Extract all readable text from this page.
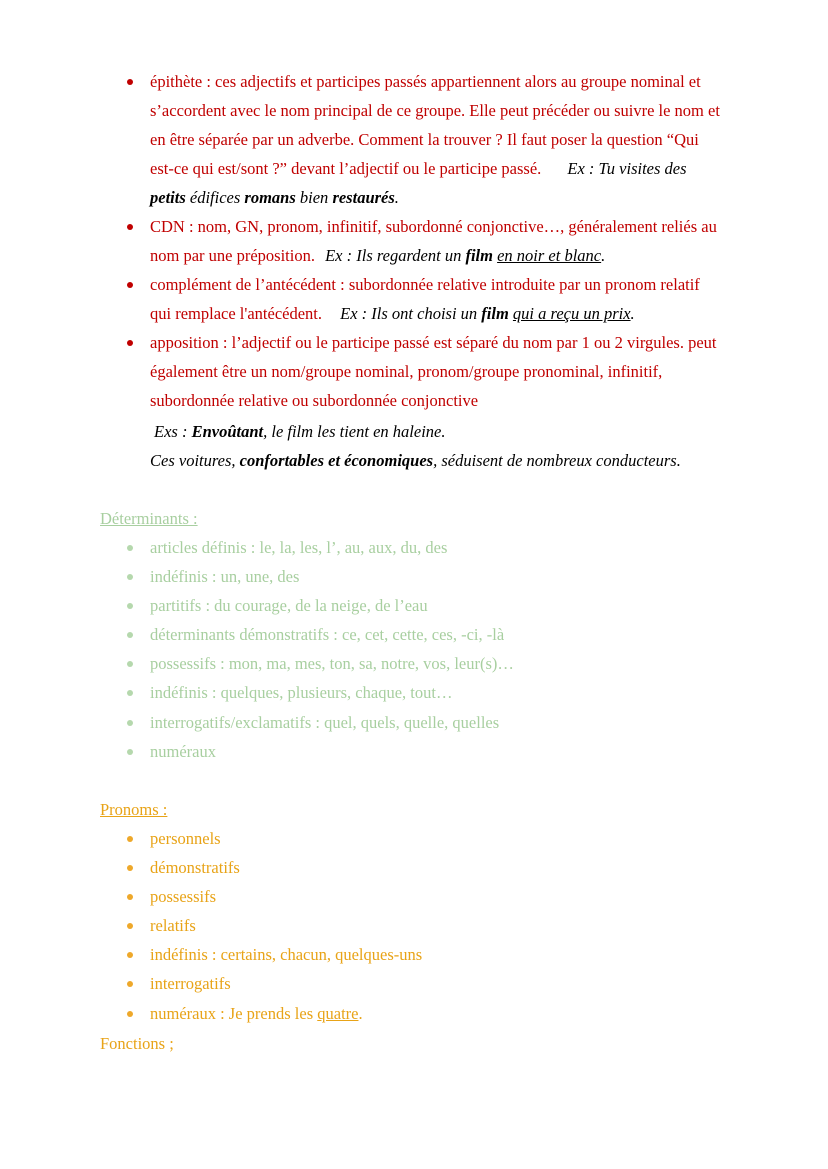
épithète : ces adjectifs et participes passés appartiennent alors au groupe nominal et s’accordent avec le nom principal de ce groupe. Elle peut précéder ou suivre le nom et en être séparée par un adverbe. Comment la trouver ? Il faut poser la question “Qui est-ce qui est/sont ?” devant l’adjectif ou le participe passé. Ex : Tu visites des petits édifices romans bien restaurés.
CDN : nom, GN, pronom, infinitif, subordonné conjonctive…, généralement reliés au nom par une préposition. Ex : Ils regardent un film en noir et blanc.
complément de l’antécédent : subordonnée relative introduite par un pronom relatif qui remplace l'antécédent. Ex : Ils ont choisi un film qui a reçu un prix.
apposition : l’adjectif ou le participe passé est séparé du nom par 1 ou 2 virgules. peut également être un nom/groupe nominal, pronom/groupe pronominal, infinitif, subordonnée relative ou subordonnée conjonctive
Exs : Envoûtant, le film les tient en haleine.
Ces voitures, confortables et économiques, séduisent de nombreux conducteurs.
Déterminants :
articles définis : le, la, les, l’, au, aux, du, des
indéfinis : un, une, des
partitifs : du courage, de la neige, de l’eau
déterminants démonstratifs : ce, cet, cette, ces, -ci, -là
possessifs : mon, ma, mes, ton, sa, notre, vos, leur(s)…
indéfinis : quelques, plusieurs, chaque, tout…
interrogatifs/exclamatifs : quel, quels, quelle, quelles
numéraux
Pronoms :
personnels
démonstratifs
possessifs
relatifs
indéfinis : certains, chacun, quelques-uns
interrogatifs
numéraux : Je prends les quatre.
Fonctions ;
